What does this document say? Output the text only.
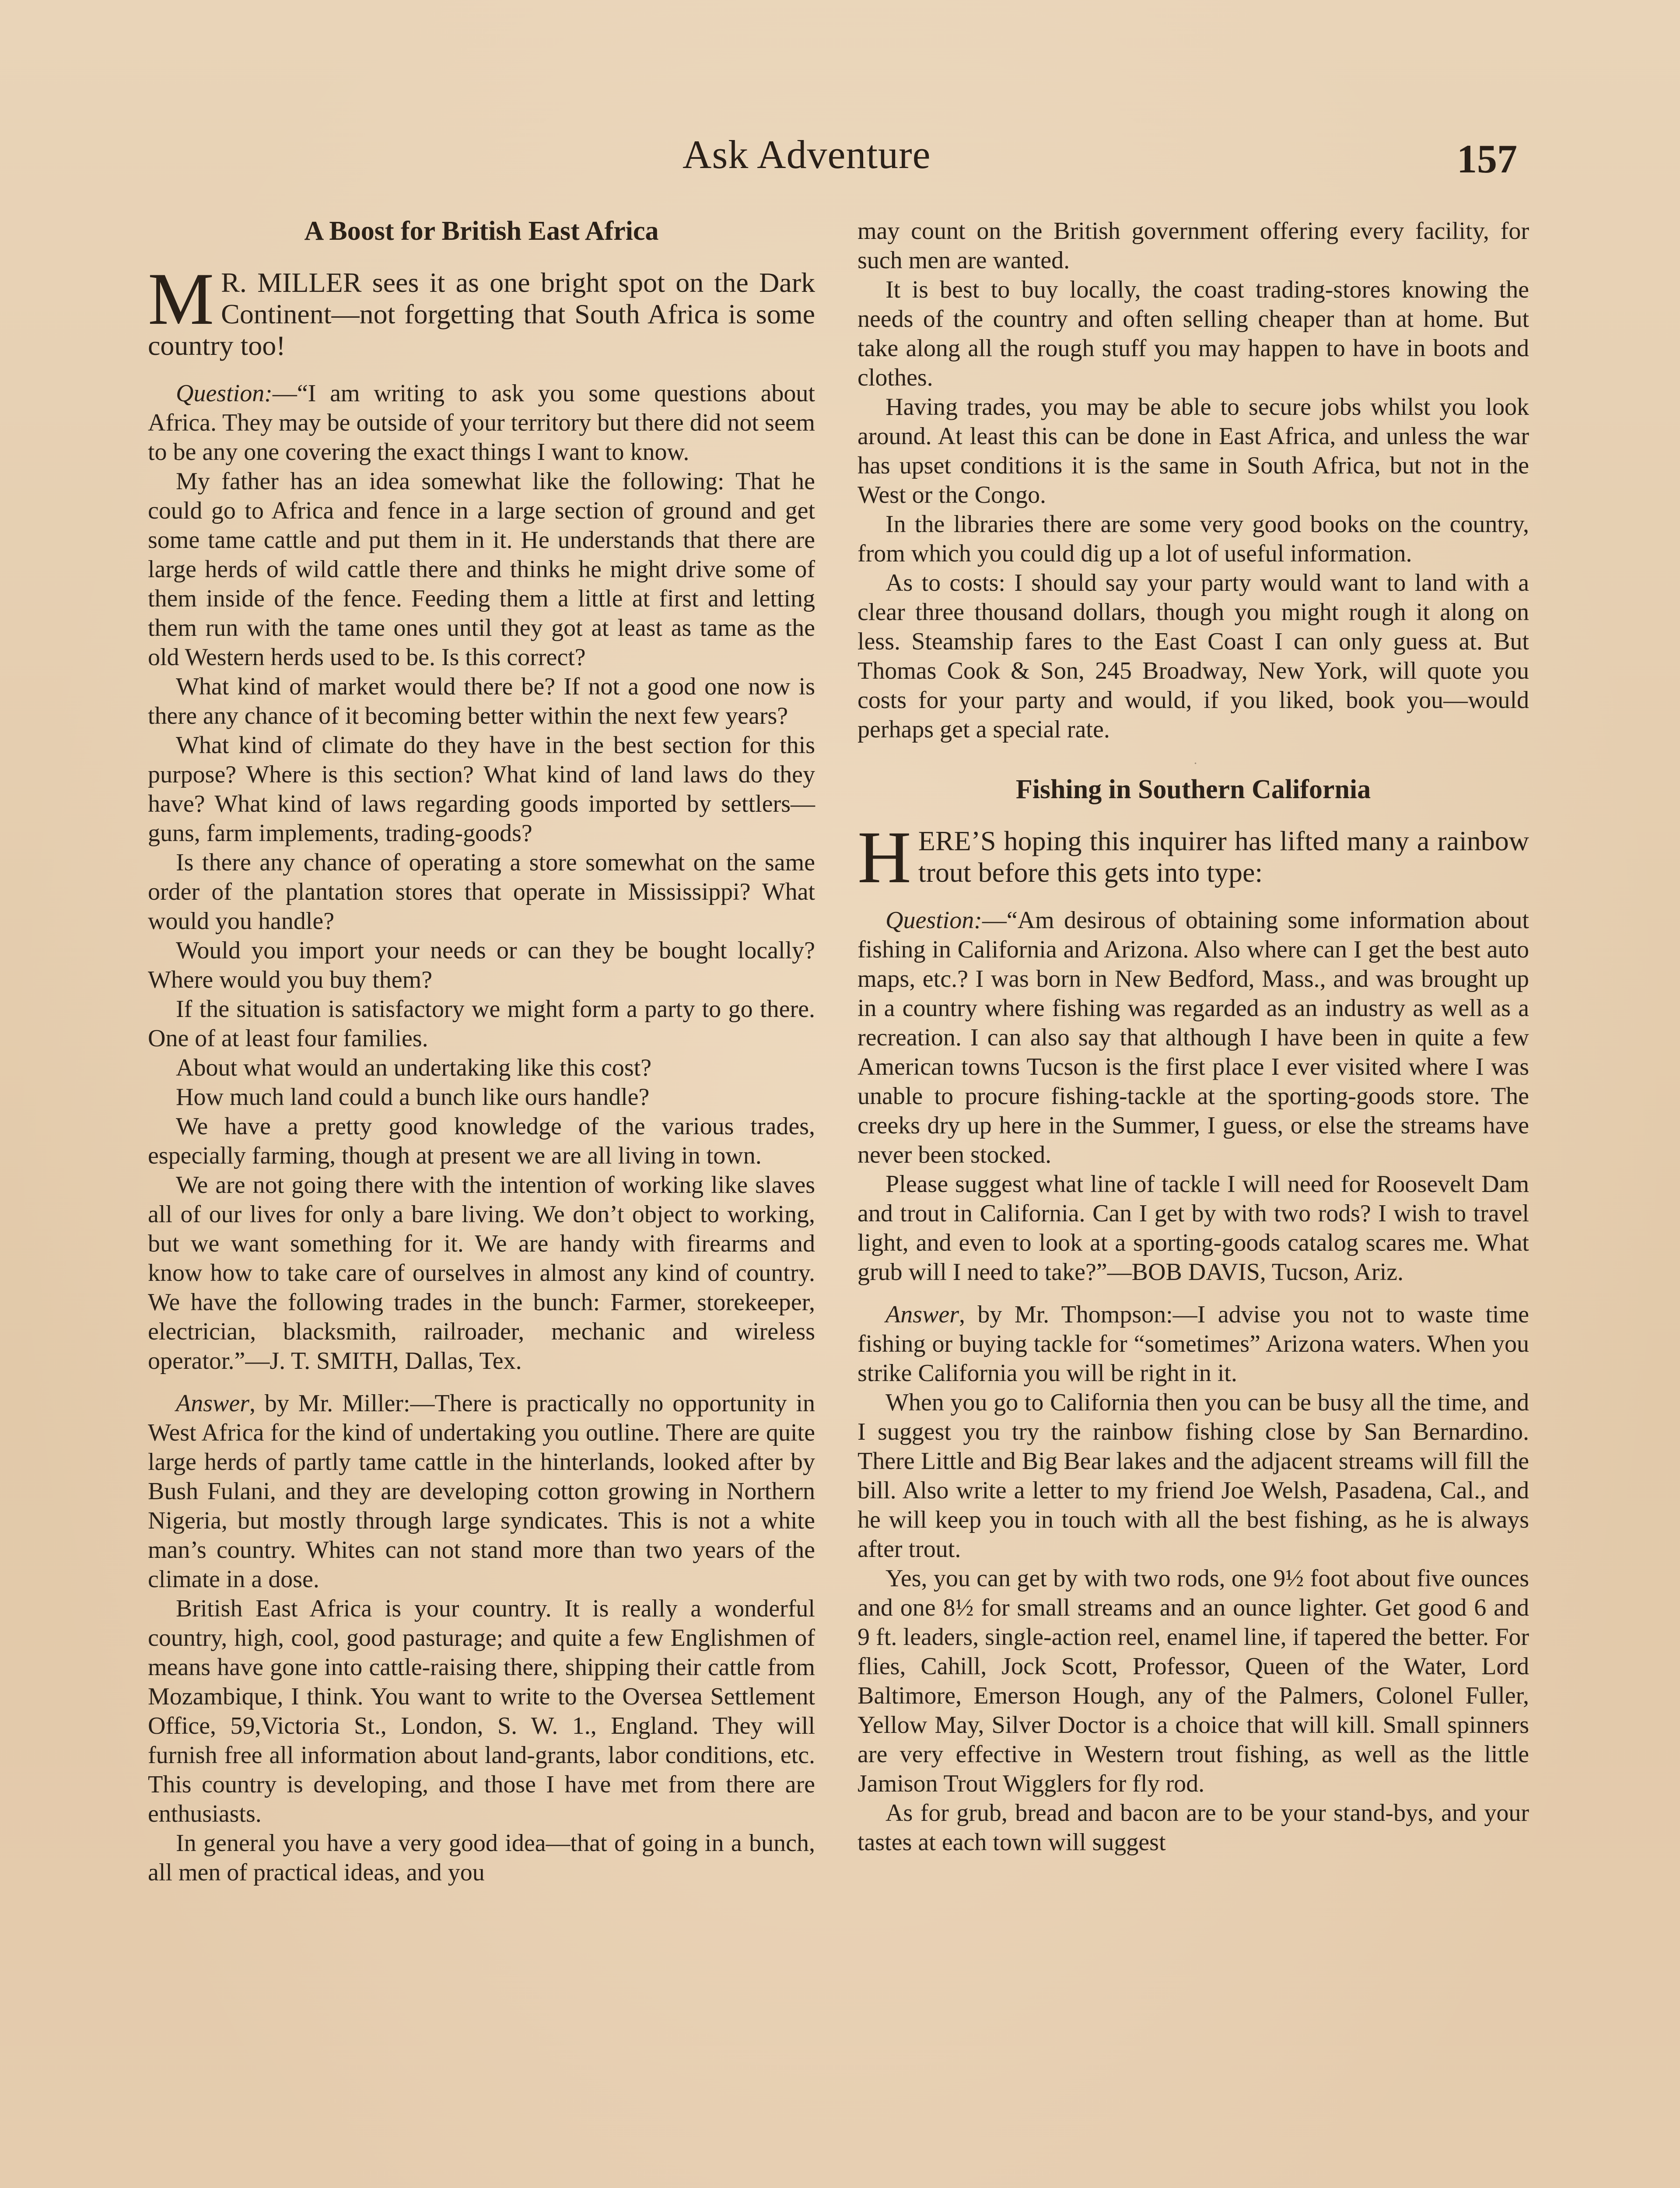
Ask Adventure	157
A Boost for British East Africa
M R. MILLER sees it as one bright spot on the Dark Continent—not forgetting that South Africa is some country too!

Question:—“I am writing to ask you some questions about Africa. They may be outside of your territory but there did not seem to be any one covering the exact things I want to know.

My father has an idea somewhat like the following: That he could go to Africa and fence in a large section of ground and get some tame cattle and put them in it. He understands that there are large herds of wild cattle there and thinks he might drive some of them inside of the fence. Feeding them a little at first and letting them run with the tame ones until they got at least as tame as the old Western herds used to be. Is this correct?

What kind of market would there be? If not a good one now is there any chance of it becoming better within the next few years?

What kind of climate do they have in the best section for this purpose? Where is this section? What kind of land laws do they have? What kind of laws regarding goods imported by settlers—guns, farm implements, trading-goods?

Is there any chance of operating a store somewhat on the same order of the plantation stores that operate in Mississippi? What would you handle?

Would you import your needs or can they be bought locally? Where would you buy them?

If the situation is satisfactory we might form a party to go there. One of at least four families.

About what would an undertaking like this cost?

How much land could a bunch like ours handle?

We have a pretty good knowledge of the various trades, especially farming, though at present we are all living in town.

We are not going there with the intention of working like slaves all of our lives for only a bare living. We don’t object to working, but we want something for it. We are handy with firearms and know how to take care of ourselves in almost any kind of country. We have the following trades in the bunch: Farmer, storekeeper, electrician, blacksmith, railroader, mechanic and wireless operator.”—J. T. SMITH, Dallas, Tex.

Answer, by Mr. Miller:—There is practically no opportunity in West Africa for the kind of undertaking you outline. There are quite large herds of partly tame cattle in the hinterlands, looked after by Bush Fulani, and they are developing cotton growing in Northern Nigeria, but mostly through large syndicates. This is not a white man’s country. Whites can not stand more than two years of the climate in a dose.

British East Africa is your country. It is really a wonderful country, high, cool, good pasturage; and quite a few Englishmen of means have gone into cattle-raising there, shipping their cattle from Mozambique, I think. You want to write to the Oversea Settlement Office, 59,Victoria St., London, S. W. 1., England. They will furnish free all information about land-grants, labor conditions, etc. This country is developing, and those I have met from there are enthusiasts.

In general you have a very good idea—that of going in a bunch, all men of practical ideas, and you

may count on the British government offering every facility, for such men are wanted.

It is best to buy locally, the coast trading-stores knowing the needs of the country and often selling cheaper than at home. But take along all the rough stuff you may happen to have in boots and clothes.

Having trades, you may be able to secure jobs whilst you look around. At least this can be done in East Africa, and unless the war has upset conditions it is the same in South Africa, but not in the West or the Congo.

In the libraries there are some very good books on the country, from which you could dig up a lot of useful information.

As to costs: I should say your party would want to land with a clear three thousand dollars, though you might rough it along on less. Steamship fares to the East Coast I can only guess at. But Thomas Cook & Son, 245 Broadway, New York, will quote you costs for your party and would, if you liked, book you—would perhaps get a special rate.

·
Fishing in Southern California
HERE’S hoping this inquirer has lifted many a rainbow trout before this gets into type:

Question:—“Am desirous of obtaining some information about fishing in California and Arizona. Also where can I get the best auto maps, etc.? I was born in New Bedford, Mass., and was brought up in a country where fishing was regarded as an industry as well as a recreation. I can also say that although I have been in quite a few American towns Tucson is the first place I ever visited where I was unable to procure fishing-tackle at the sporting-goods store. The creeks dry up here in the Summer, I guess, or else the streams have never been stocked.

Please suggest what line of tackle I will need for Roosevelt Dam and trout in California. Can I get by with two rods? I wish to travel light, and even to look at a sporting-goods catalog scares me. What grub will I need to take?”—BOB DAVIS, Tucson, Ariz.

Answer, by Mr. Thompson:—I advise you not to waste time fishing or buying tackle for “sometimes” Arizona waters. When you strike California you will be right in it.

When you go to California then you can be busy all the time, and I suggest you try the rainbow fishing close by San Bernardino. There Little and Big Bear lakes and the adjacent streams will fill the bill. Also write a letter to my friend Joe Welsh, Pasadena, Cal., and he will keep you in touch with all the best fishing, as he is always after trout.

Yes, you can get by with two rods, one 9½ foot about five ounces and one 8½ for small streams and an ounce lighter. Get good 6 and 9 ft. leaders, single-action reel, enamel line, if tapered the better. For flies, Cahill, Jock Scott, Professor, Queen of the Water, Lord Baltimore, Emerson Hough, any of the Palmers, Colonel Fuller, Yellow May, Silver Doctor is a choice that will kill. Small spinners are very effective in Western trout fishing, as well as the little Jamison Trout Wigglers for fly rod.

As for grub, bread and bacon are to be your stand-bys, and your tastes at each town will suggest
